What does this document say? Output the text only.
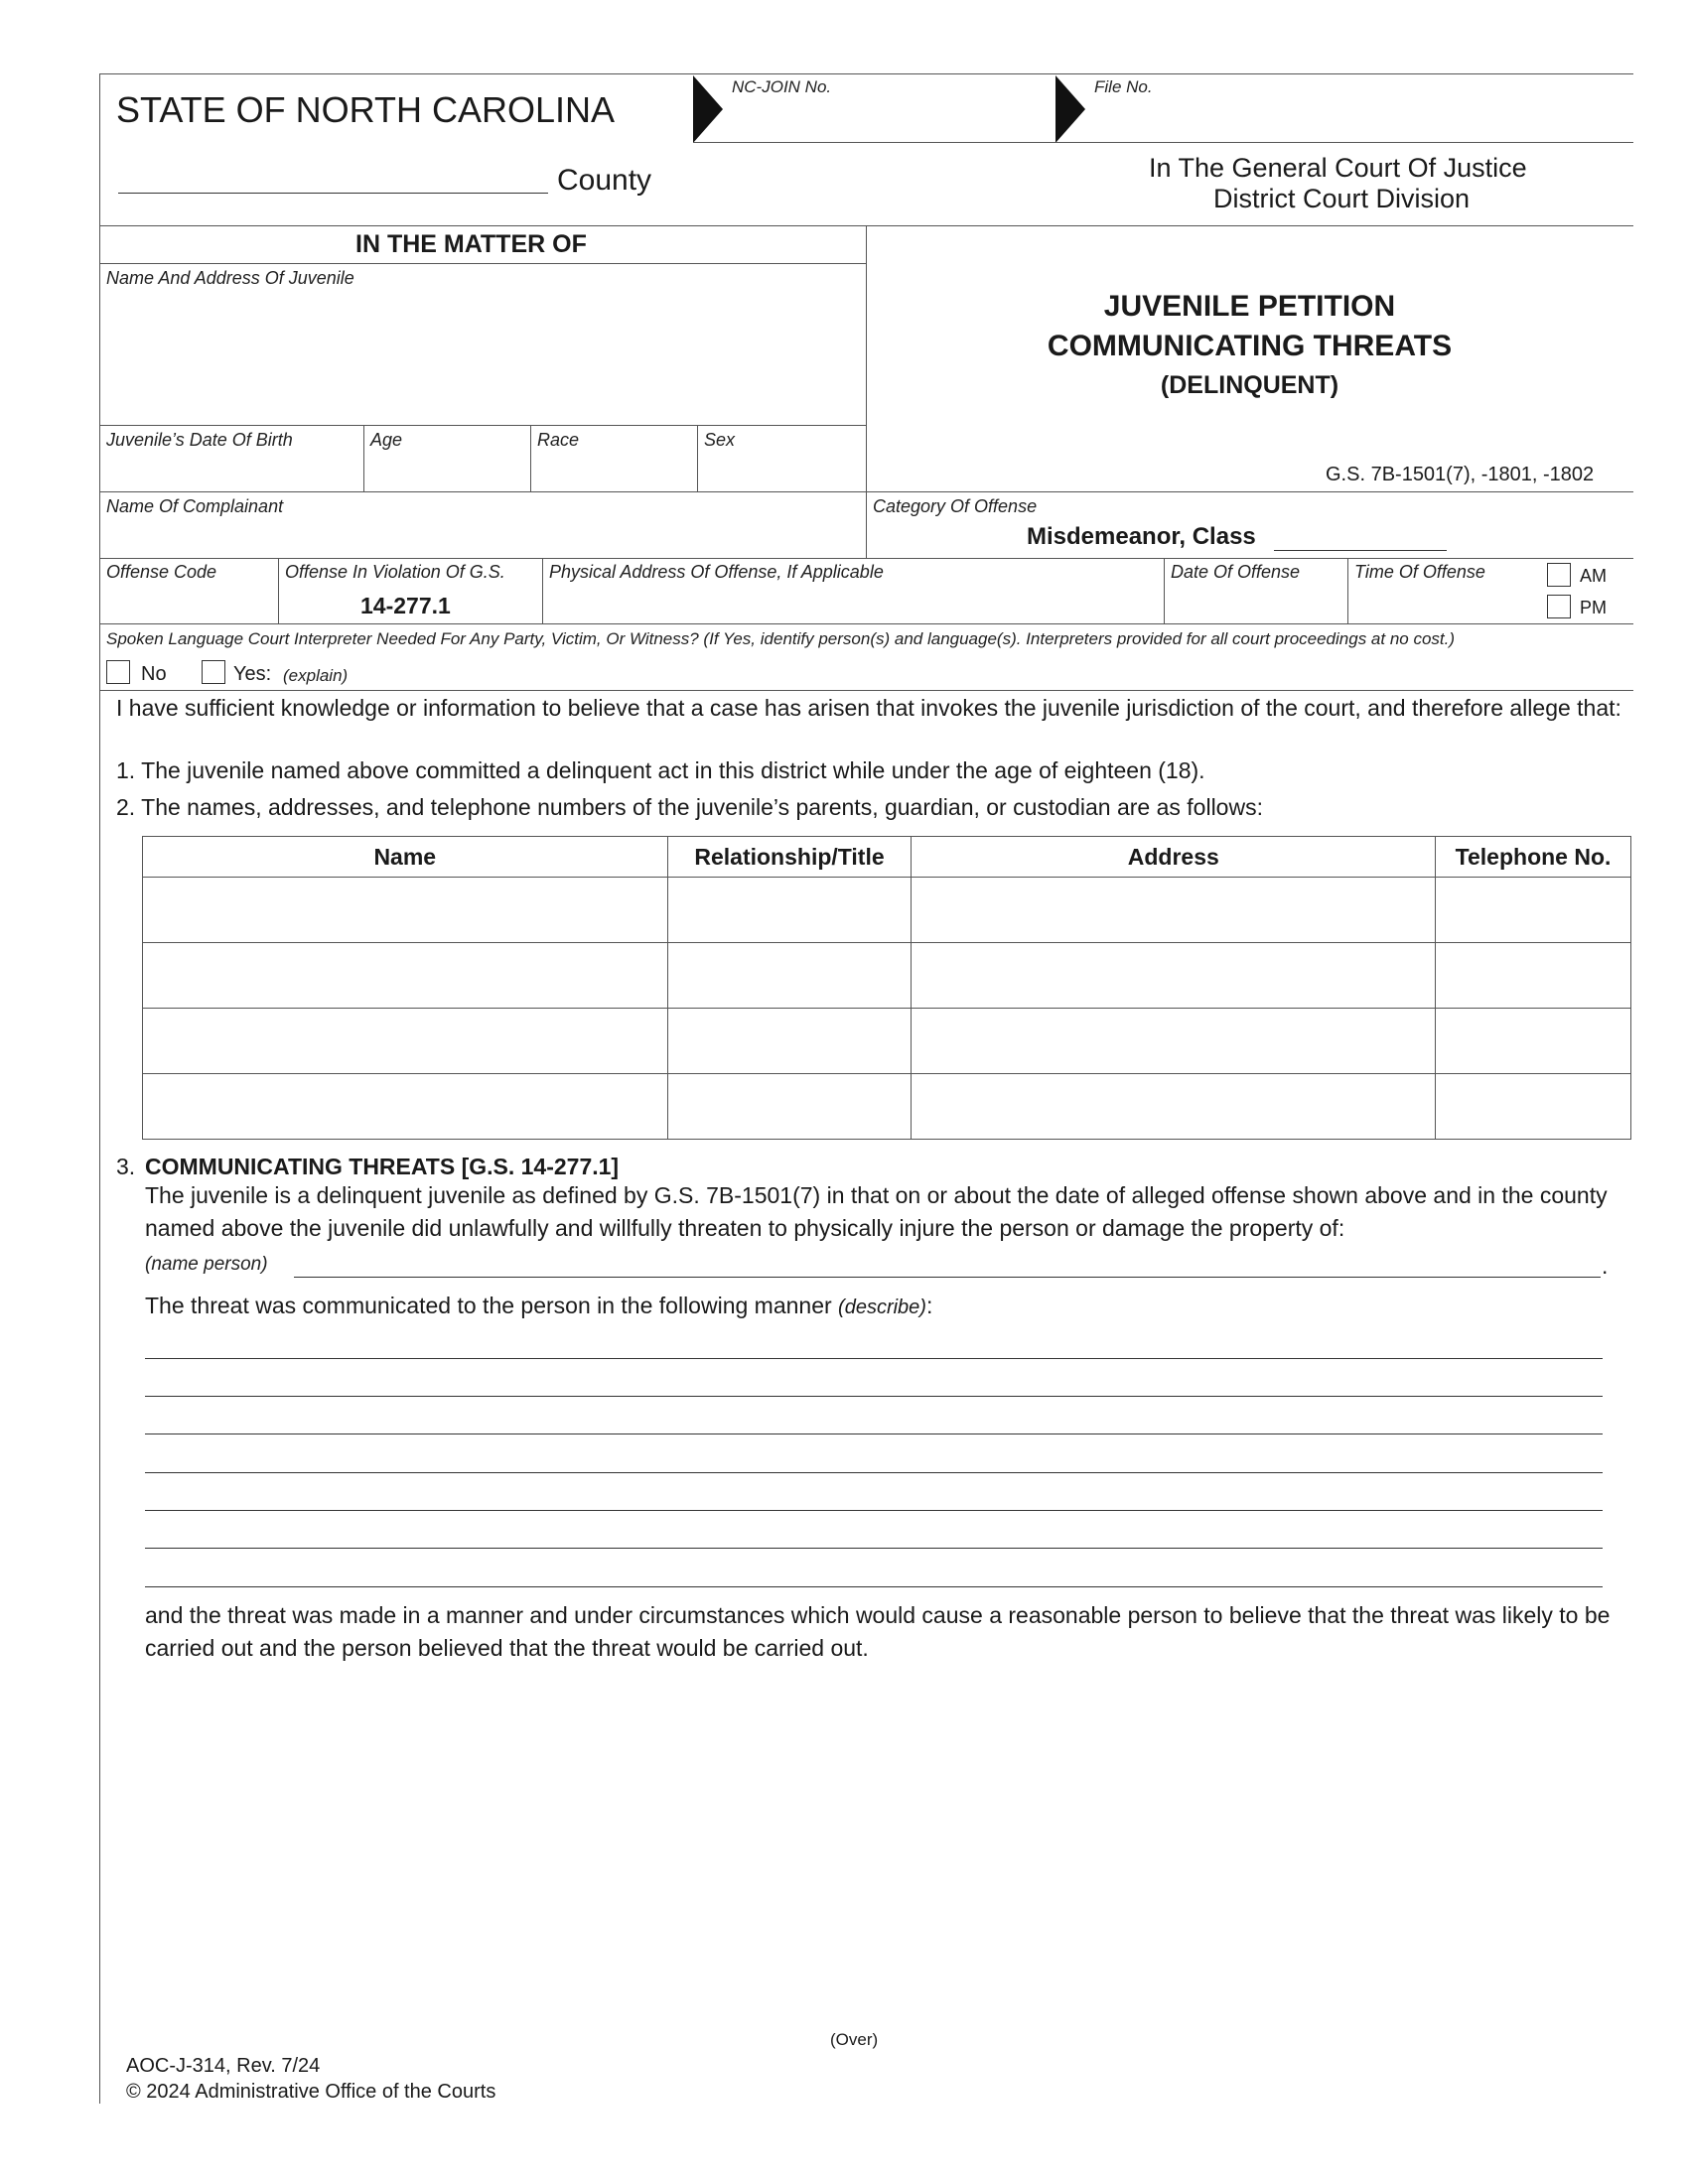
STATE OF NORTH CAROLINA
NC-JOIN No.	File No.
County	In The General Court Of Justice
District Court Division
IN THE MATTER OF
Name And Address Of Juvenile
Juvenile’s Date Of Birth	Age	Race	Sex
Name Of Complainant
JUVENILE PETITION
COMMUNICATING THREATS
(DELINQUENT)
G.S. 7B-1501(7), -1801, -1802
Category Of Offense
Misdemeanor, Class
Offense Code	Offense In Violation Of G.S.
14-277.1
Physical Address Of Offense, If Applicable	Date Of Offense	Time Of Offense	AM
PM
Spoken Language Court Interpreter Needed For Any Party, Victim, Or Witness? (If Yes, identify person(s) and language(s). Interpreters provided for all court proceedings at no cost.)
No	Yes: (explain)
I have sufficient knowledge or information to believe that a case has arisen that invokes the juvenile jurisdiction of the court, and therefore allege that:
1. The juvenile named above committed a delinquent act in this district while under the age of eighteen (18).
2. The names, addresses, and telephone numbers of the juvenile’s parents, guardian, or custodian are as follows:
Name	Relationship/Title	Address	Telephone No.

3. COMMUNICATING THREATS [G.S. 14-277.1]
The juvenile is a delinquent juvenile as defined by G.S. 7B-1501(7) in that on or about the date of alleged offense shown above and in the county named above the juvenile did unlawfully and willfully threaten to physically injure the person or damage the property of:
(name person)	.
The threat was communicated to the person in the following manner (describe):
and the threat was made in a manner and under circumstances which would cause a reasonable person to believe that the threat was likely to be carried out and the person believed that the threat would be carried out.
(Over)
AOC-J-314, Rev. 7/24
© 2024 Administrative Office of the Courts
